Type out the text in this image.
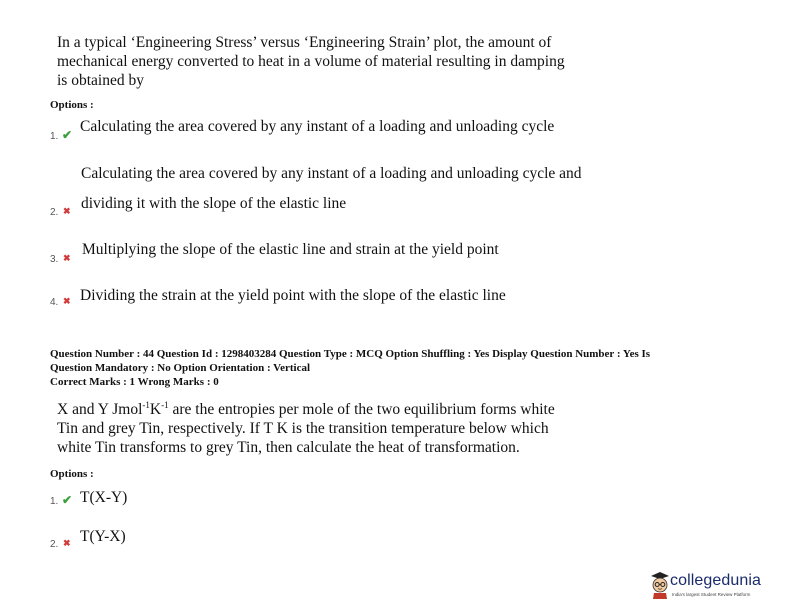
In a typical ‘Engineering Stress’ versus ‘Engineering Strain’ plot, the amount of
mechanical energy converted to heat in a volume of material resulting in damping
is obtained by
Options :
1. ✔ Calculating the area covered by any instant of a loading and unloading cycle
Calculating the area covered by any instant of a loading and unloading cycle and
dividing it with the slope of the elastic line
2. ✖
Multiplying the slope of the elastic line and strain at the yield point
3. ✖
Dividing the strain at the yield point with the slope of the elastic line
4. ✖
Question Number : 44 Question Id : 1298403284 Question Type : MCQ Option Shuffling : Yes Display Question Number : Yes Is
Question Mandatory : No Option Orientation : Vertical
Correct Marks : 1 Wrong Marks : 0
X and Y $Jmol^{-1}K^{-1}$ are the entropies per mole of the two equilibrium forms white
Tin and grey Tin, respectively. If T K is the transition temperature below which
white Tin transforms to grey Tin, then calculate the heat of transformation.
Options :
1. ✔ T(X-Y)
2. ✖ T(Y-X)
collegedunia
India's largest Student Review Platform
